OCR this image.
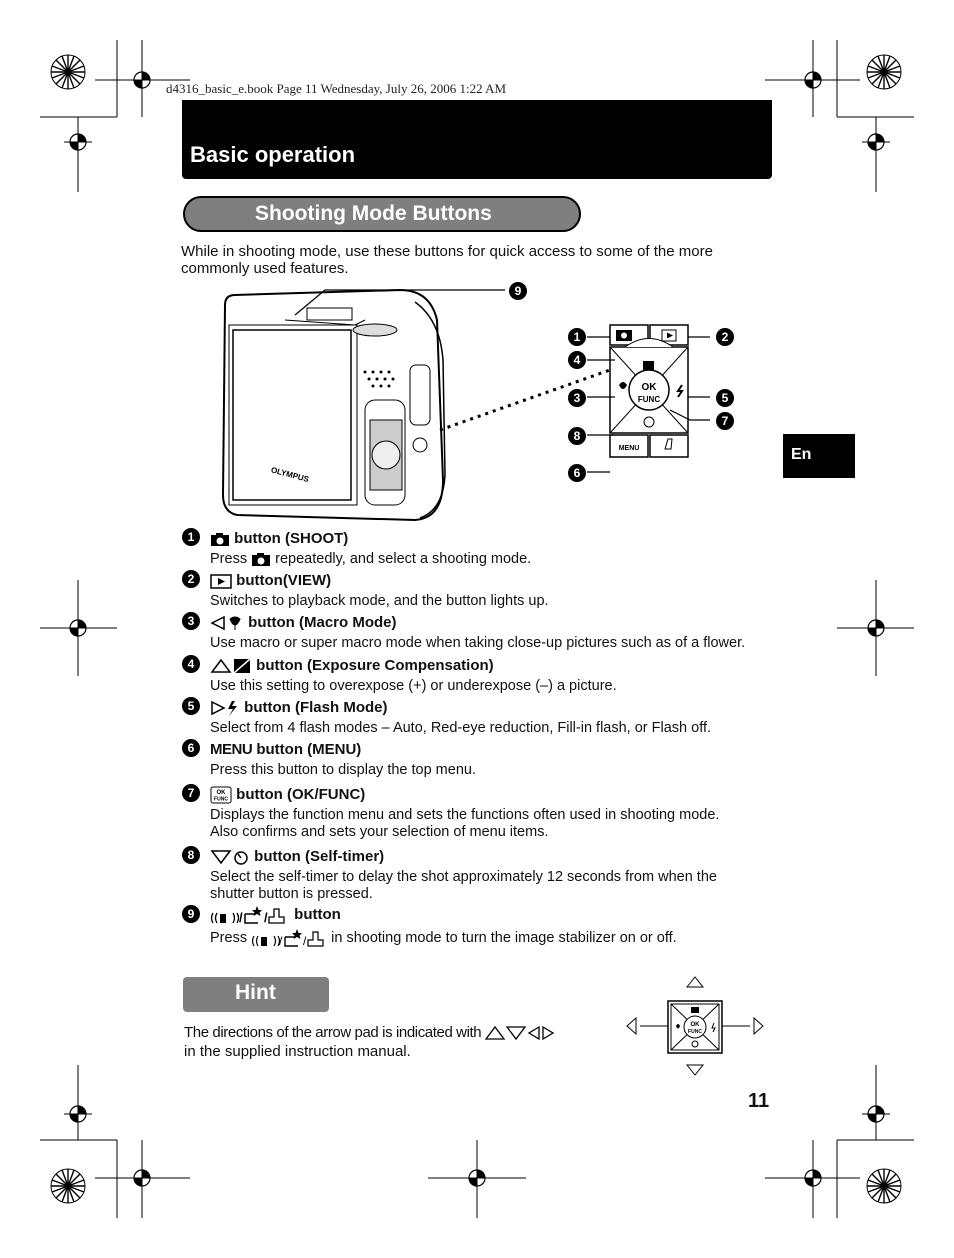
d4316_basic_e.book Page 11 Wednesday, July 26, 2006 1:22 AM
Basic operation
Shooting Mode Buttons
While in shooting mode, use these buttons for quick access to some of the more commonly used features.
OLYMPUS
OK
FUNC
MENU
9
1	2
4
3	5
7
8
6
1	button (SHOOT)
Press repeatedly, and select a shooting mode.
2	button(VIEW)
Switches to playback mode, and the button lights up.
3	button (Macro Mode)
Use macro or super macro mode when taking close-up pictures such as of a flower.
4	button (Exposure Compensation)
Use this setting to overexpose (+) or underexpose (–) a picture.
5	button (Flash Mode)
Select from 4 flash modes – Auto, Red-eye reduction, Fill-in flash, or Flash off.
6	MENU button (MENU)
Press this button to display the top menu.
7	OK
FUNC button (OK/FUNC)
Displays the function menu and sets the functions often used in shooting mode.
Also confirms and sets your selection of menu items.
8	button (Self-timer)
Select the self-timer to delay the shot approximately 12 seconds from when the
shutter button is pressed.
9	/ / button
Press	/ / in shooting mode to turn the image stabilizer on or off.
Hint
The directions of the arrow pad is indicated with
in the supplied instruction manual.
OK
FUNC
En
11
